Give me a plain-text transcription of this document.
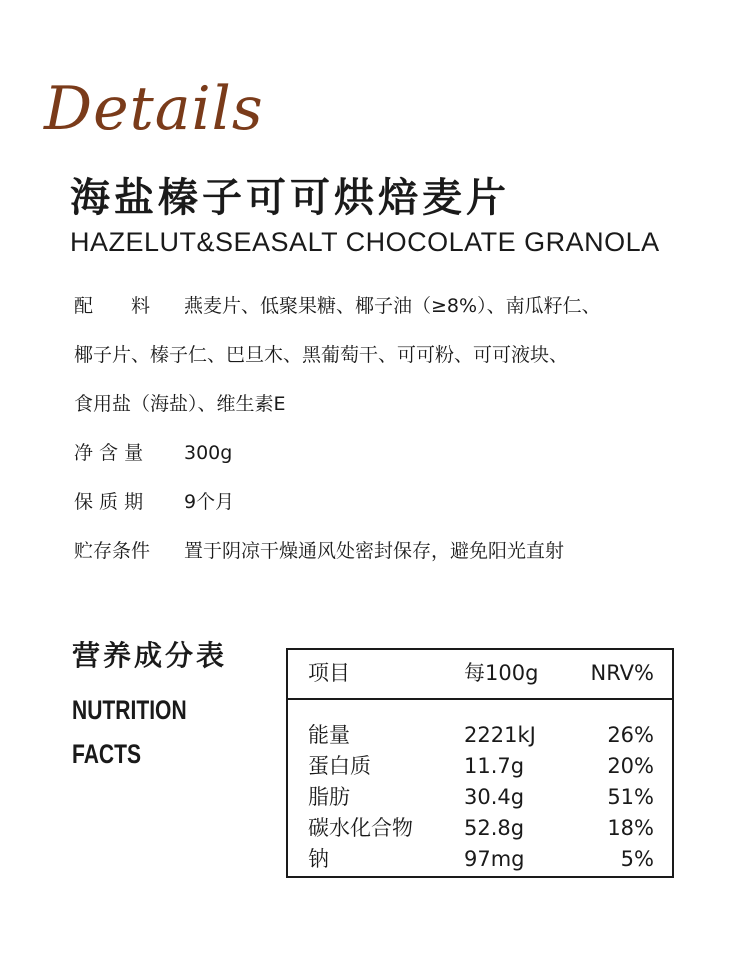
Details
海盐榛子可可烘焙麦片
HAZELUT&SEASALT CHOCOLATE GRANOLA
配　　料	燕麦片、低聚果糖、椰子油（≥8%）、南瓜籽仁、
椰子片、榛子仁、巴旦木、黑葡萄干、可可粉、可可液块、
食用盐（海盐）、维生素E
净 含 量	300g
保 质 期	9个月
贮存条件	置于阴凉干燥通风处密封保存，避免阳光直射
营养成分表
NUTRITION
FACTS
项目	每100g NRV%
能量	2221kJ	26%
蛋白质	11.7g	20%
脂肪	30.4g	51%
碳水化合物 52.8g	18%
钠	97mg	5%
